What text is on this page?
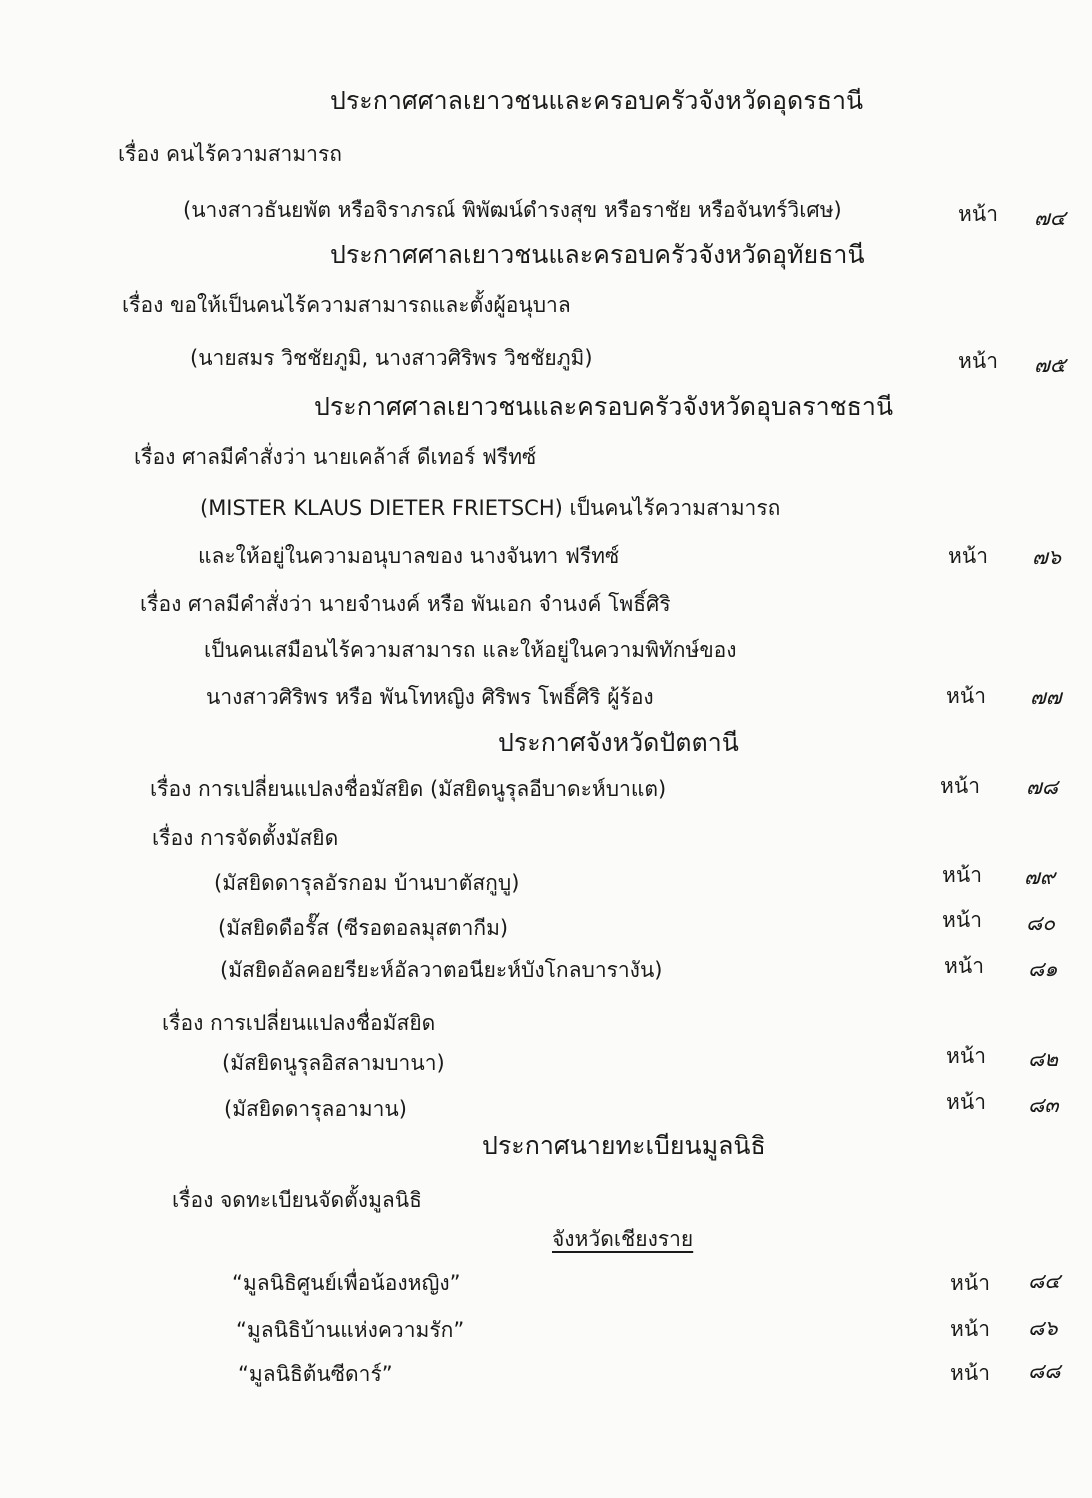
ประกาศศาลเยาวชนและครอบครัวจังหวัดอุดรธานี
เรื่อง คนไร้ความสามารถ
(นางสาวธันยพัต หรือจิราภรณ์ พิพัฒน์ดำรงสุข หรือราชัย หรือจันทร์วิเศษ)	หน้า ๗๔
ประกาศศาลเยาวชนและครอบครัวจังหวัดอุทัยธานี
เรื่อง ขอให้เป็นคนไร้ความสามารถและตั้งผู้อนุบาล
(นายสมร วิชชัยภูมิ, นางสาวศิริพร วิชชัยภูมิ)	หน้า ๗๕
ประกาศศาลเยาวชนและครอบครัวจังหวัดอุบลราชธานี
เรื่อง ศาลมีคำสั่งว่า นายเคล้าส์ ดีเทอร์ ฟรีทซ์
(MISTER KLAUS DIETER FRIETSCH) เป็นคนไร้ความสามารถ
และให้อยู่ในความอนุบาลของ นางจันทา ฟรีทซ์	หน้า ๗๖
เรื่อง ศาลมีคำสั่งว่า นายจำนงค์ หรือ พันเอก จำนงค์ โพธิ์ศิริ
เป็นคนเสมือนไร้ความสามารถ และให้อยู่ในความพิทักษ์ของ
นางสาวศิริพร หรือ พันโทหญิง ศิริพร โพธิ์ศิริ ผู้ร้อง	หน้า ๗๗
ประกาศจังหวัดปัตตานี
เรื่อง การเปลี่ยนแปลงชื่อมัสยิด (มัสยิดนูรุลอีบาดะห์บาแต)	หน้า ๗๘
เรื่อง การจัดตั้งมัสยิด
(มัสยิดดารุลอัรกอม บ้านบาตัสกูบู)	หน้า ๗๙
(มัสยิดดือรั๊ส (ซีรอตอลมุสตากีม)	หน้า ๘๐
(มัสยิดอัลคอยรียะห์อัลวาตอนียะห์บังโกลบารางัน)	หน้า ๘๑
เรื่อง การเปลี่ยนแปลงชื่อมัสยิด
(มัสยิดนูรุลอิสลามบานา)	หน้า ๘๒
(มัสยิดดารุลอามาน)	หน้า ๘๓
ประกาศนายทะเบียนมูลนิธิ
เรื่อง จดทะเบียนจัดตั้งมูลนิธิ
จังหวัดเชียงราย
“มูลนิธิศูนย์เพื่อน้องหญิง”	หน้า ๘๔
“มูลนิธิบ้านแห่งความรัก”	หน้า ๘๖
“มูลนิธิต้นซีดาร์”	หน้า ๘๘
